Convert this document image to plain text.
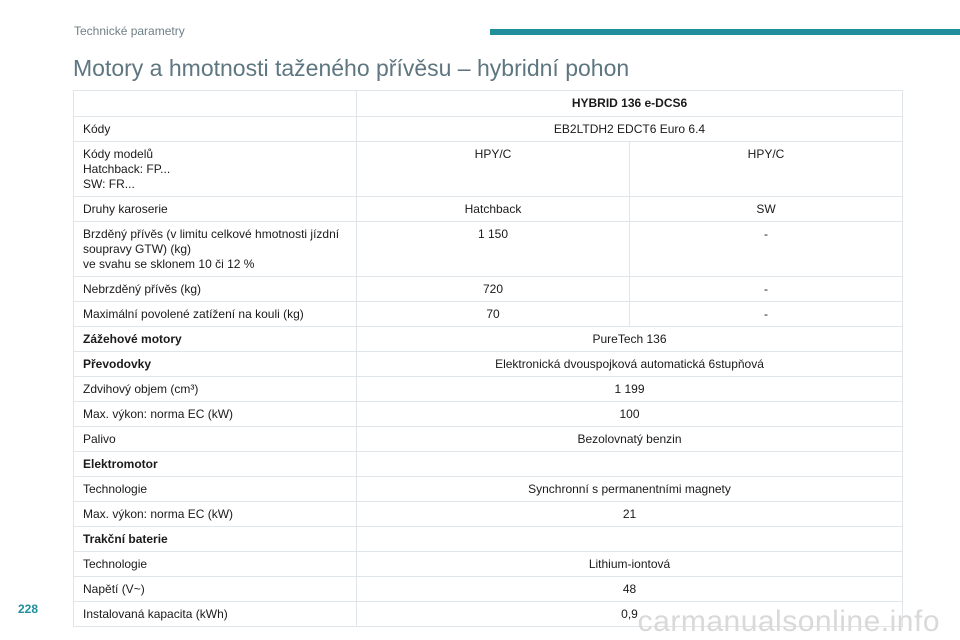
Technické parametry
Motory a hmotnosti taženého přívěsu – hybridní pohon
	HYBRID 136 e-DCS6	
Kódy	EB2LTDH2 EDCT6 Euro 6.4	

Kódy modelů
Hatchback: FP...
SW: FR...	HPY/C	HPY/C
Druhy karoserie	Hatchback	SW

Brzděný přívěs (v limitu celkové hmotnosti jízdní
soupravy GTW) (kg)
ve svahu se sklonem 10 či 12 %	1 150	-
Nebrzděný přívěs (kg)	720	-
Maximální povolené zatížení na kouli (kg)	70	-
Zážehové motory	PureTech 136	
Převodovky	Elektronická dvouspojková automatická 6stupňová	
Zdvihový objem (cm³)	1 199	
Max. výkon: norma EC (kW)	100	
Palivo	Bezolovnatý benzin	
Elektromotor		
Technologie	Synchronní s permanentními magnety	
Max. výkon: norma EC (kW)	21	
Trakční baterie		
Technologie	Lithium-iontová	
Napětí (V~)	48	
Instalovaná kapacita (kWh)	0,9	
228	carmanualsonline.info
